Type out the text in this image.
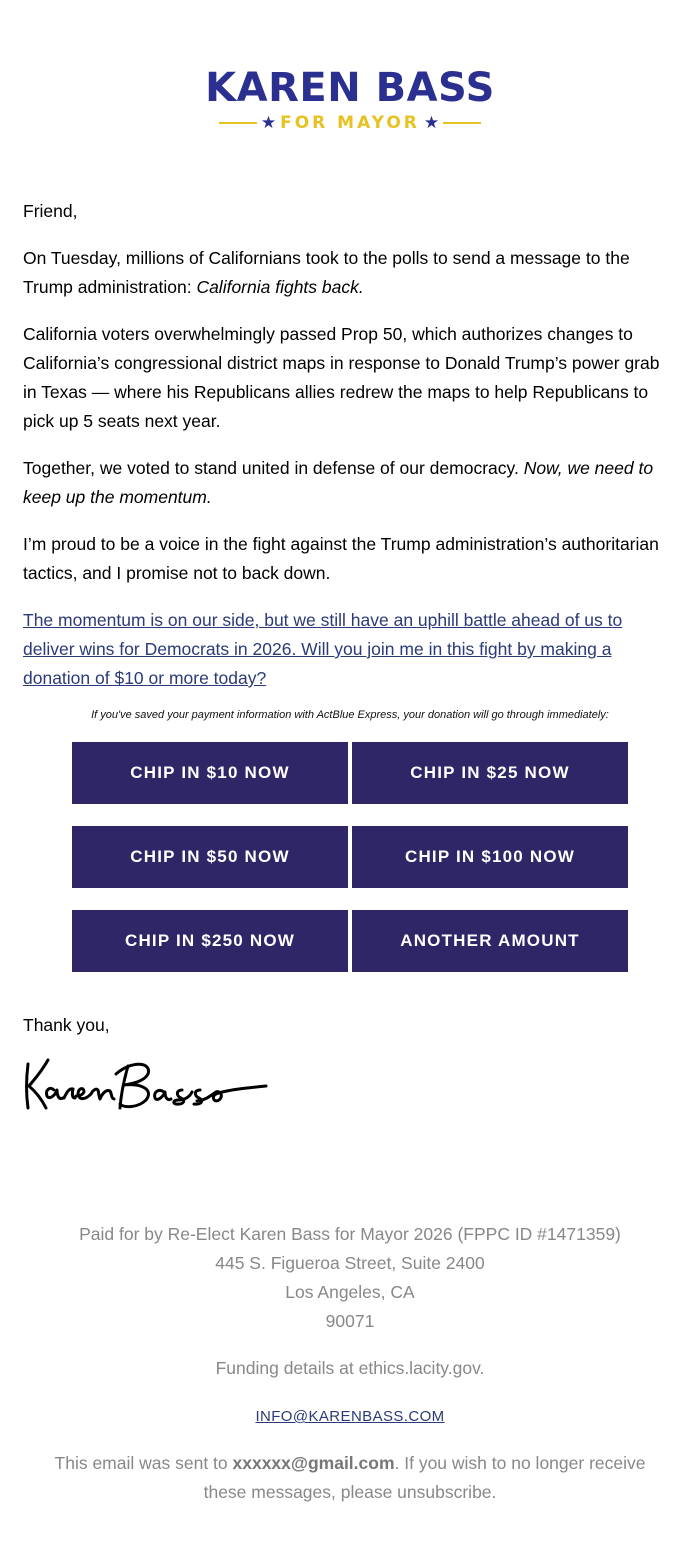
KAREN BASS
★ FOR MAYOR ★

Friend,

On Tuesday, millions of Californians took to the polls to send a message to the Trump administration: California fights back.

California voters overwhelmingly passed Prop 50, which authorizes changes to California’s congressional district maps in response to Donald Trump’s power grab in Texas — where his Republicans allies redrew the maps to help Republicans to pick up 5 seats next year.

Together, we voted to stand united in defense of our democracy. Now, we need to keep up the momentum.

I’m proud to be a voice in the fight against the Trump administration’s authoritarian tactics, and I promise not to back down.

The momentum is on our side, but we still have an uphill battle ahead of us to deliver wins for Democrats in 2026. Will you join me in this fight by making a donation of $10 or more today?

If you've saved your payment information with ActBlue Express, your donation will go through immediately:
CHIP IN $10 NOW	CHIP IN $25 NOW
CHIP IN $50 NOW	CHIP IN $100 NOW
CHIP IN $250 NOW	ANOTHER AMOUNT
Thank you,
Paid for by Re-Elect Karen Bass for Mayor 2026 (FPPC ID #1471359)
445 S. Figueroa Street, Suite 2400
Los Angeles, CA
90071
Funding details at ethics.lacity.gov.
INFO@KARENBASS.COM
This email was sent to xxxxxx@gmail.com. If you wish to no longer receive these messages, please unsubscribe.
